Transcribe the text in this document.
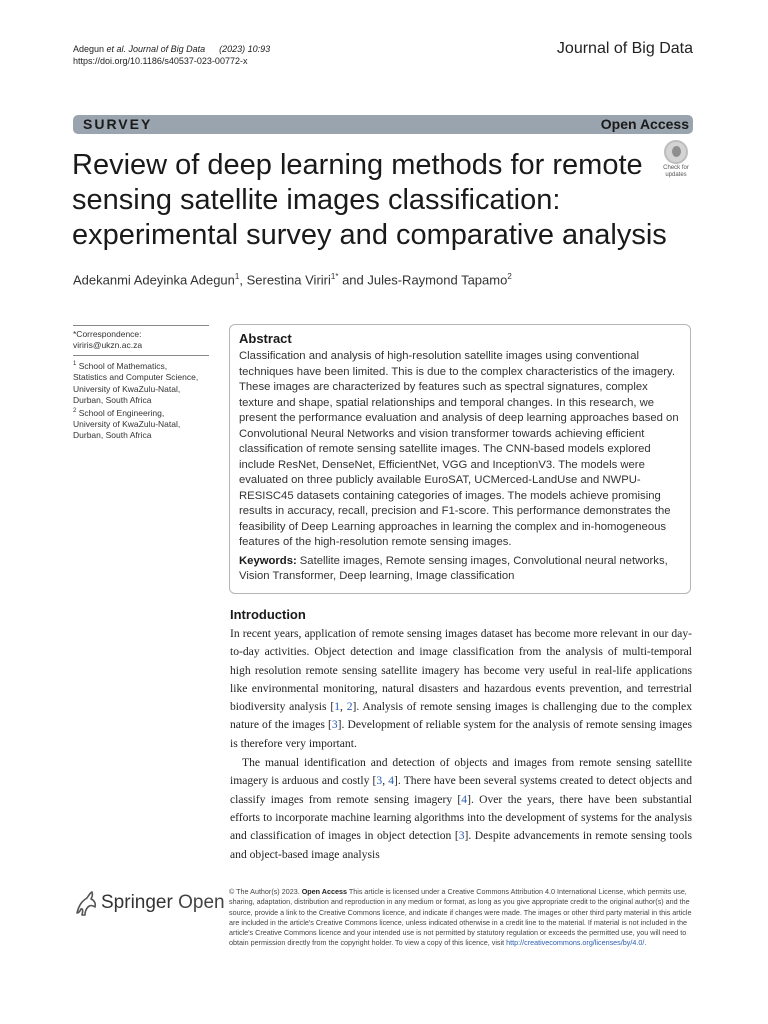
Adegun et al. Journal of Big Data (2023) 10:93
https://doi.org/10.1186/s40537-023-00772-x
Journal of Big Data
SURVEY	Open Access
Review of deep learning methods for remote
sensing satellite images classification:
experimental survey and comparative analysis
Check for
updates
Adekanmi Adeyinka Adegun$^1$, Serestina Viriri$^{1*}$ and Jules‑Raymond Tapamo$^2$
*Correspondence:
viriris@ukzn.ac.za
$^1$ School of Mathematics,
Statistics and Computer Science,
University of KwaZulu-Natal,
Durban, South Africa
$^2$ School of Engineering,
University of KwaZulu-Natal,
Durban, South Africa
Abstract
Classification and analysis of high-resolution satellite images using conventional techniques have been limited. This is due to the complex characteristics of the imagery. These images are characterized by features such as spectral signatures, complex texture and shape, spatial relationships and temporal changes. In this research, we present the performance evaluation and analysis of deep learning approaches based on Convolutional Neural Networks and vision transformer towards achieving efficient classification of remote sensing satellite images. The CNN-based models explored include ResNet, DenseNet, EfficientNet, VGG and InceptionV3. The models were evaluated on three publicly available EuroSAT, UCMerced-LandUse and NWPU-RESISC45 datasets containing categories of images. The models achieve promising results in accuracy, recall, precision and F1-score. This performance demonstrates the feasibility of Deep Learning approaches in learning the complex and in-homogeneous features of the high-resolution remote sensing images.
Keywords: Satellite images, Remote sensing images, Convolutional neural networks, Vision Transformer, Deep learning, Image classification
Introduction

In recent years, application of remote sensing images dataset has become more relevant in our day-to-day activities. Object detection and image classification from the analysis of multi-temporal high resolution remote sensing satellite imagery has become very useful in real-life applications like environmental monitoring, natural disasters and hazardous events prevention, and terrestrial biodiversity analysis [1, 2]. Analysis of remote sensing images is challenging due to the complex nature of the images [3]. Development of reliable system for the analysis of remote sensing images is therefore very important.

The manual identification and detection of objects and images from remote sensing satellite imagery is arduous and costly [3, 4]. There have been several systems created to detect objects and classify images from remote sensing imagery [4]. Over the years, there have been substantial efforts to incorporate machine learning algorithms into the development of systems for the analysis and classification of images in object detection [3]. Despite advancements in remote sensing tools and object-based image analysis

Springer Open
© The Author(s) 2023. Open Access This article is licensed under a Creative Commons Attribution 4.0 International License, which permits use, sharing, adaptation, distribution and reproduction in any medium or format, as long as you give appropriate credit to the original author(s) and the source, provide a link to the Creative Commons licence, and indicate if changes were made. The images or other third party material in this article are included in the article's Creative Commons licence, unless indicated otherwise in a credit line to the material. If material is not included in the article's Creative Commons licence and your intended use is not permitted by statutory regulation or exceeds the permitted use, you will need to obtain permission directly from the copyright holder. To view a copy of this licence, visit http://creativecommons.org/licenses/by/4.0/.
